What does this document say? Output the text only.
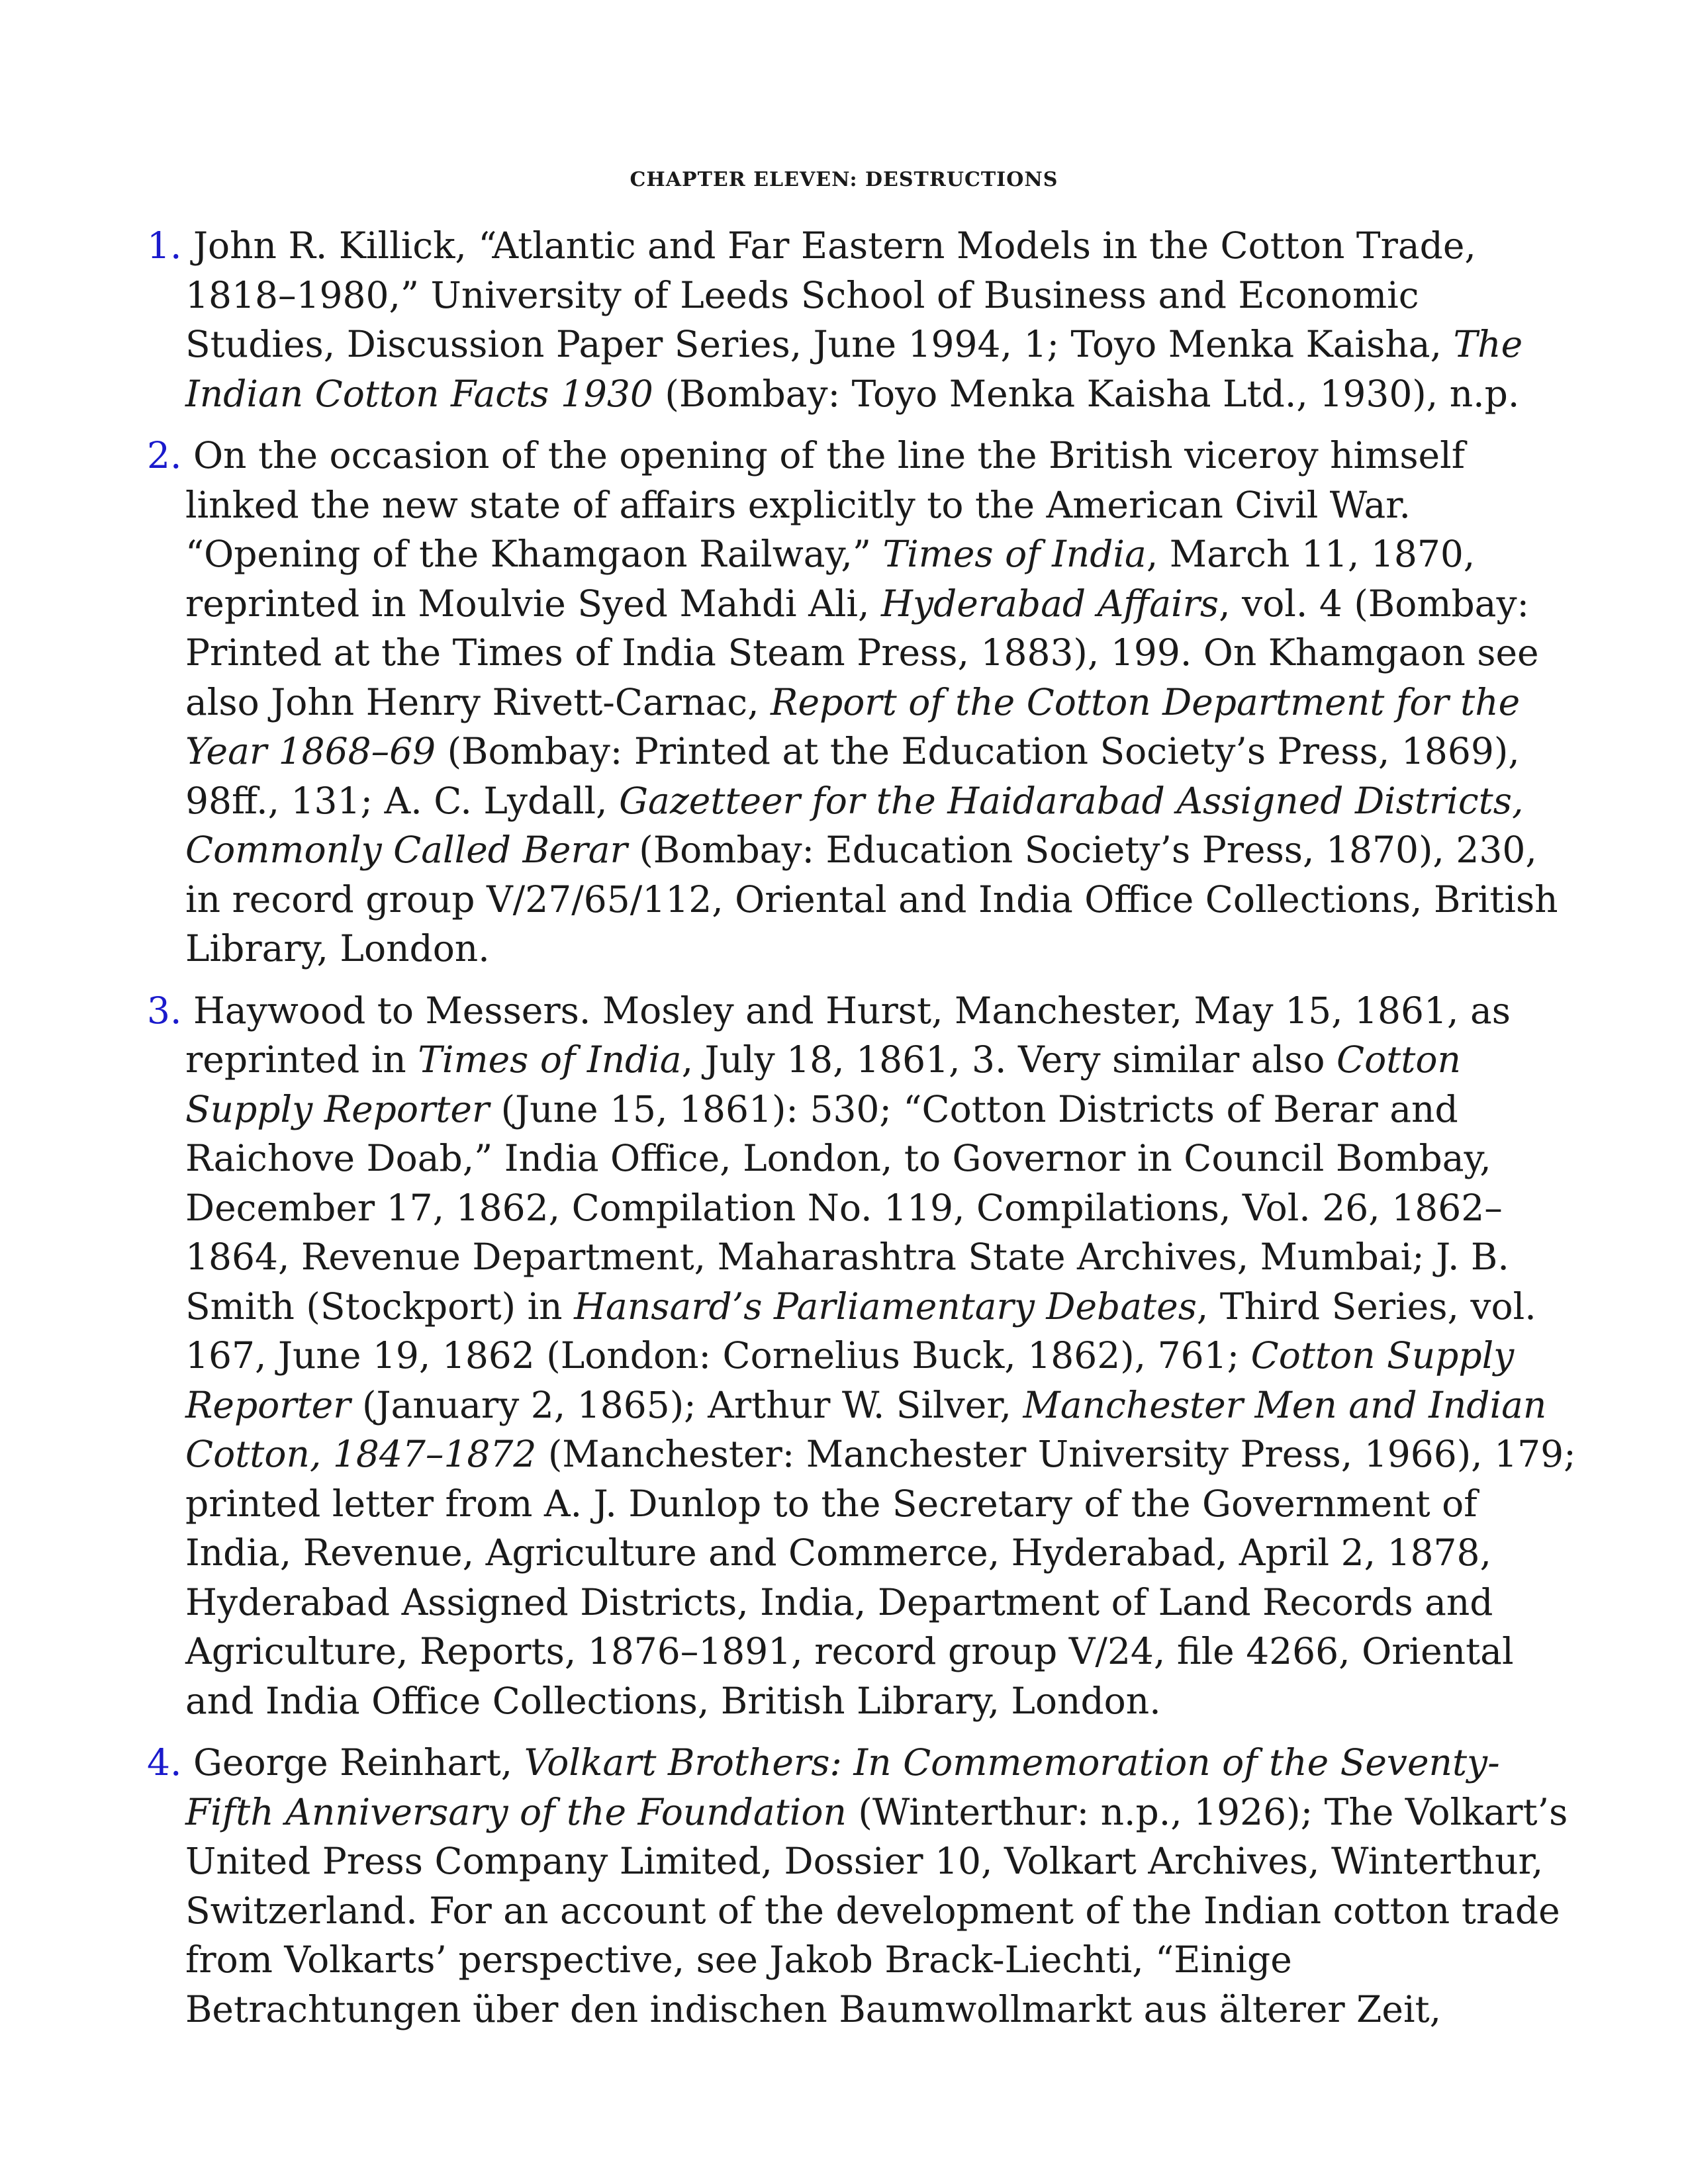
CHAPTER ELEVEN: DESTRUCTIONS
1. John R. Killick, “Atlantic and Far Eastern Models in the Cotton Trade, 1818–1980,” University of Leeds School of Business and Economic Studies, Discussion Paper Series, June 1994, 1; Toyo Menka Kaisha, The Indian Cotton Facts 1930 (Bombay: Toyo Menka Kaisha Ltd., 1930), n.p.
2. On the occasion of the opening of the line the British viceroy himself linked the new state of affairs explicitly to the American Civil War. “Opening of the Khamgaon Railway,” Times of India, March 11, 1870, reprinted in Moulvie Syed Mahdi Ali, Hyderabad Affairs, vol. 4 (Bombay: Printed at the Times of India Steam Press, 1883), 199. On Khamgaon see also John Henry Rivett-Carnac, Report of the Cotton Department for the Year 1868–69 (Bombay: Printed at the Education Society’s Press, 1869), 98ff., 131; A. C. Lydall, Gazetteer for the Haidarabad Assigned Districts, Commonly Called Berar (Bombay: Education Society’s Press, 1870), 230, in record group V/27/65/112, Oriental and India Office Collections, British Library, London.
3. Haywood to Messers. Mosley and Hurst, Manchester, May 15, 1861, as reprinted in Times of India, July 18, 1861, 3. Very similar also Cotton Supply Reporter (June 15, 1861): 530; “Cotton Districts of Berar and Raichove Doab,” India Office, London, to Governor in Council Bombay, December 17, 1862, Compilation No. 119, Compilations, Vol. 26, 1862–1864, Revenue Department, Maharashtra State Archives, Mumbai; J. B. Smith (Stockport) in Hansard’s Parliamentary Debates, Third Series, vol. 167, June 19, 1862 (London: Cornelius Buck, 1862), 761; Cotton Supply Reporter (January 2, 1865); Arthur W. Silver, Manchester Men and Indian Cotton, 1847–1872 (Manchester: Manchester University Press, 1966), 179; printed letter from A. J. Dunlop to the Secretary of the Government of India, Revenue, Agriculture and Commerce, Hyderabad, April 2, 1878, Hyderabad Assigned Districts, India, Department of Land Records and Agriculture, Reports, 1876–1891, record group V/24, file 4266, Oriental and India Office Collections, British Library, London.
4. George Reinhart, Volkart Brothers: In Commemoration of the Seventy-Fifth Anniversary of the Foundation (Winterthur: n.p., 1926); The Volkart’s United Press Company Limited, Dossier 10, Volkart Archives, Winterthur, Switzerland. For an account of the development of the Indian cotton trade from Volkarts’ perspective, see Jakob Brack-Liechti, “Einige Betrachtungen über den indischen Baumwollmarkt aus älterer Zeit,
